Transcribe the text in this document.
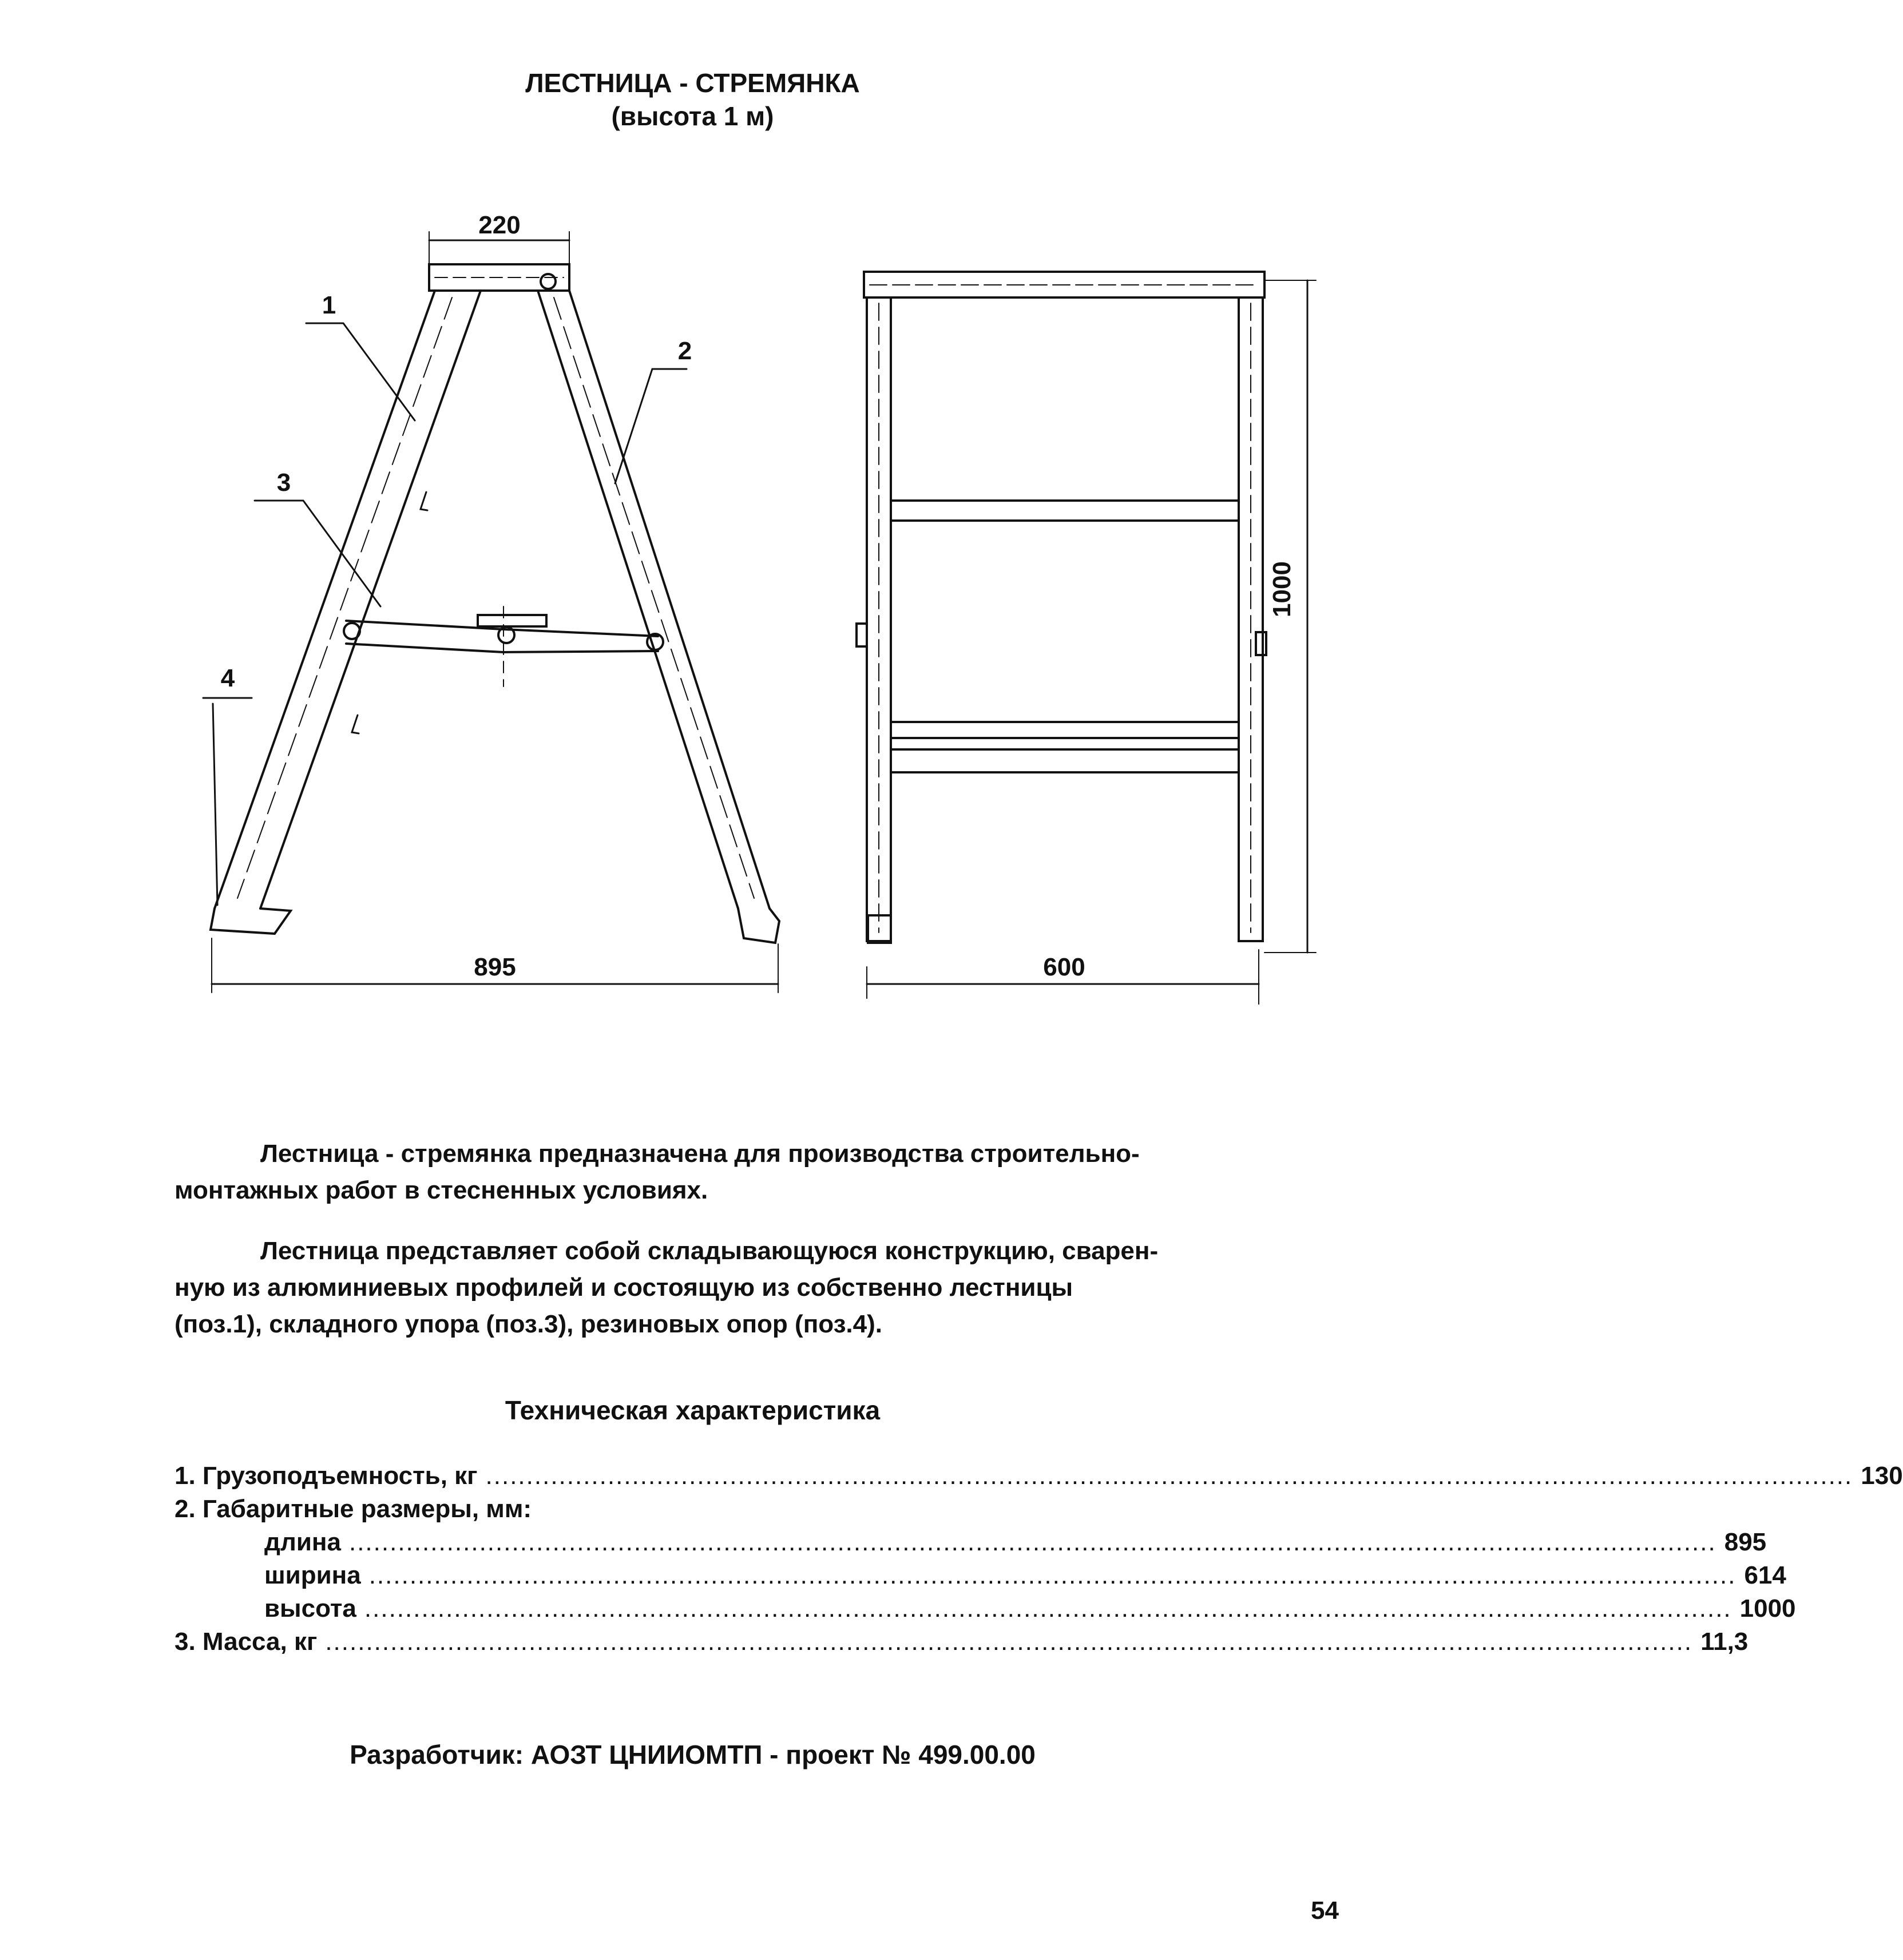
ЛЕСТНИЦА - СТРЕМЯНКА
(высота 1 м)
220
895	600
1000
1
2
3
4
Лестница - стремянка предназначена для производства строительно-
монтажных работ в стесненных условиях.
Лестница представляет собой складывающуюся конструкцию, сварен-
ную из алюминиевых профилей и состоящую из собственно лестницы
(поз.1), складного упора (поз.3), резиновых опор (поз.4).
Техническая характеристика
1. Грузоподъемность, кг ........................................................................................................................................................................ 130
2. Габаритные размеры, мм:
длина ........................................................................................................................................................................ 895
ширина ........................................................................................................................................................................ 614
высота ........................................................................................................................................................................ 1000
3. Масса, кг ........................................................................................................................................................................ 11,3
Разработчик: АОЗТ ЦНИИОМТП - проект № 499.00.00
54
